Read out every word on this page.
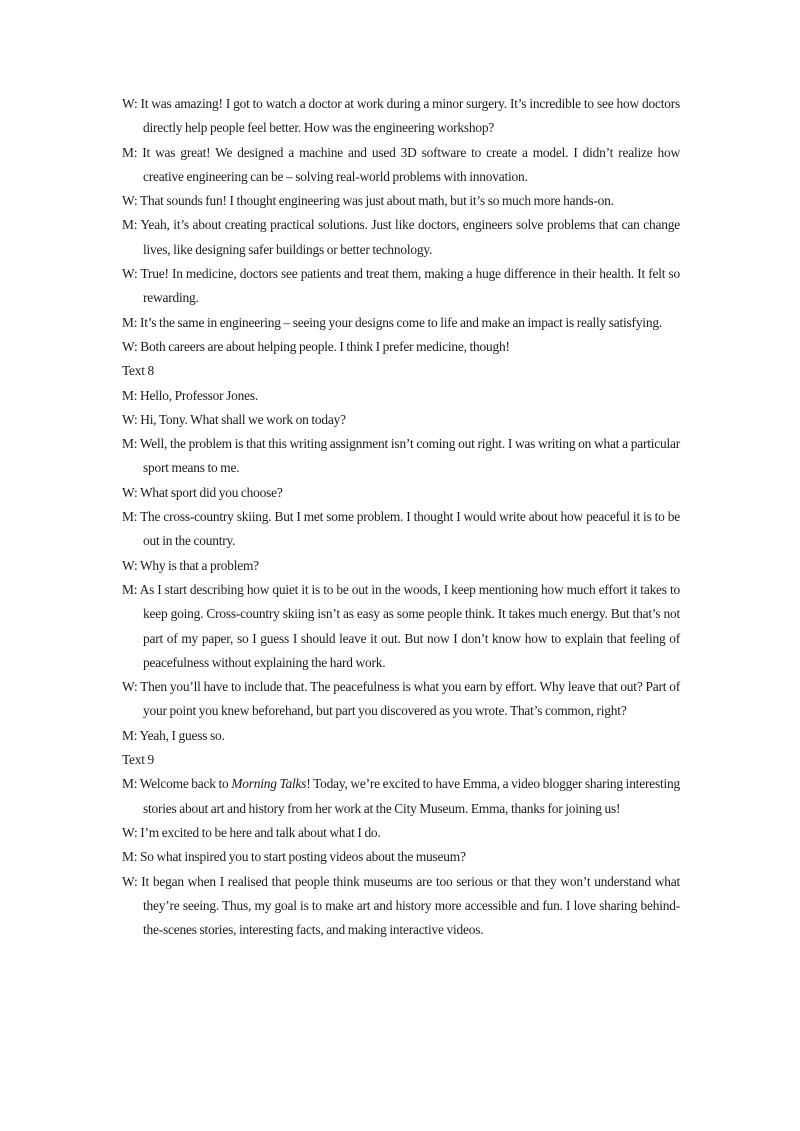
W: It was amazing! I got to watch a doctor at work during a minor surgery. It’s incredible to see how doctors directly help people feel better. How was the engineering workshop?

M: It was great! We designed a machine and used 3D software to create a model. I didn’t realize how creative engineering can be – solving real-world problems with innovation.

W: That sounds fun! I thought engineering was just about math, but it’s so much more hands-on.

M: Yeah, it’s about creating practical solutions. Just like doctors, engineers solve problems that can change lives, like designing safer buildings or better technology.

W: True! In medicine, doctors see patients and treat them, making a huge difference in their health. It felt so rewarding.

M: It’s the same in engineering – seeing your designs come to life and make an impact is really satisfying.

W: Both careers are about helping people. I think I prefer medicine, though!

Text 8

M: Hello, Professor Jones.

W: Hi, Tony. What shall we work on today?

M: Well, the problem is that this writing assignment isn’t coming out right. I was writing on what a particular sport means to me.

W: What sport did you choose?

M: The cross-country skiing. But I met some problem. I thought I would write about how peaceful it is to be out in the country.

W: Why is that a problem?

M: As I start describing how quiet it is to be out in the woods, I keep mentioning how much effort it takes to keep going. Cross-country skiing isn’t as easy as some people think. It takes much energy. But that’s not part of my paper, so I guess I should leave it out. But now I don’t know how to explain that feeling of peacefulness without explaining the hard work.

W: Then you’ll have to include that. The peacefulness is what you earn by effort. Why leave that out? Part of your point you knew beforehand, but part you discovered as you wrote. That’s common, right?

M: Yeah, I guess so.

Text 9

M: Welcome back to Morning Talks! Today, we’re excited to have Emma, a video blogger sharing interesting stories about art and history from her work at the City Museum. Emma, thanks for joining us!

W: I’m excited to be here and talk about what I do.

M: So what inspired you to start posting videos about the museum?

W: It began when I realised that people think museums are too serious or that they won’t understand what they’re seeing. Thus, my goal is to make art and history more accessible and fun. I love sharing behind-the-scenes stories, interesting facts, and making interactive videos.
